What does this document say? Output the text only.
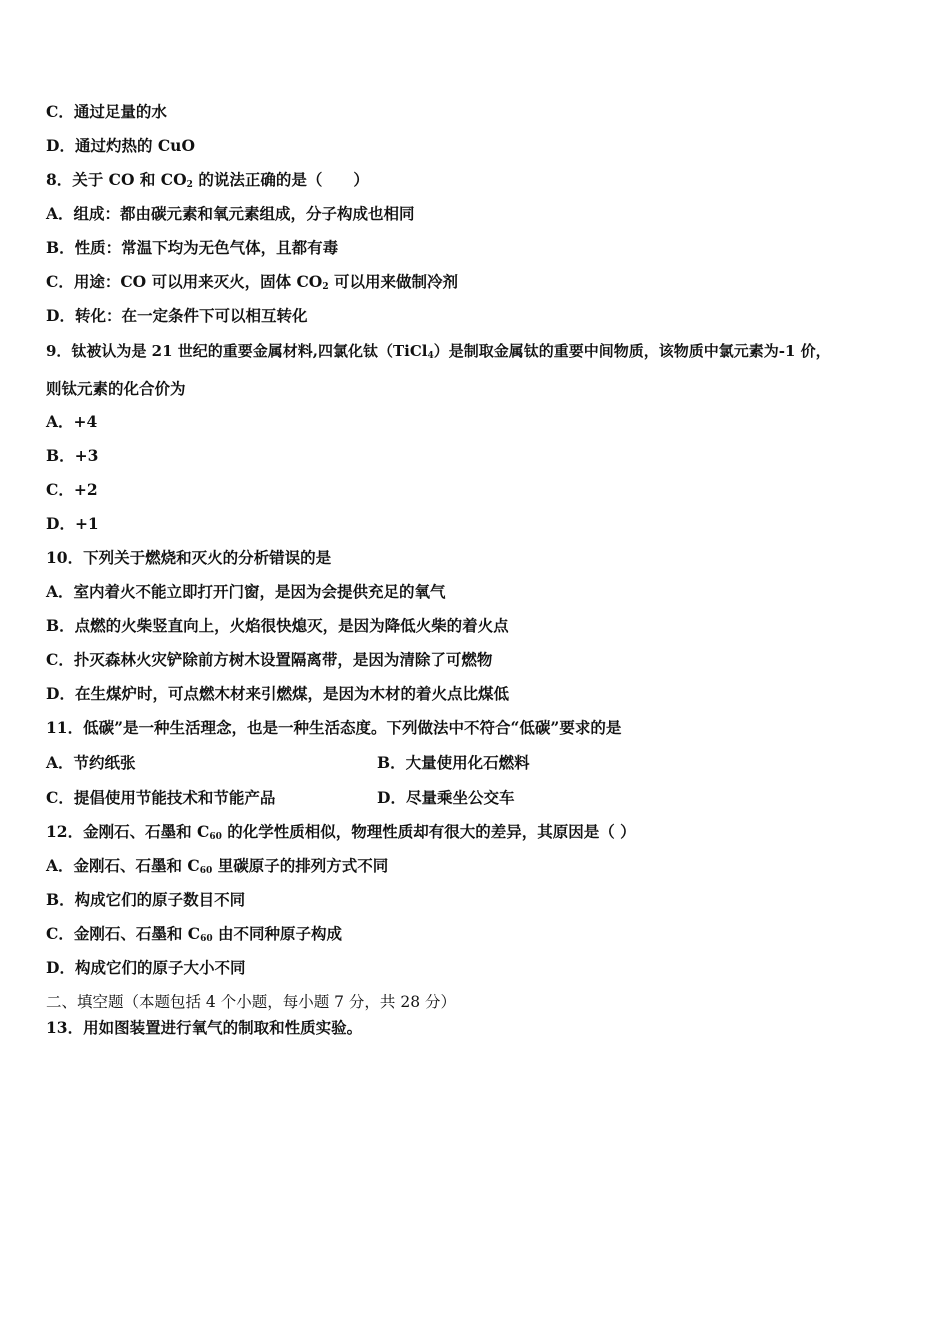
C．通过足量的水
D．通过灼热的 CuO
8．关于 CO 和 $CO_2$ 的说法正确的是（　　）
A．组成：都由碳元素和氧元素组成，分子构成也相同
B．性质：常温下均为无色气体，且都有毒
C．用途：CO 可以用来灭火，固体 $CO_2$ 可以用来做制冷剂
D．转化：在一定条件下可以相互转化
9．钛被认为是 21 世纪的重要金属材料,四氯化钛（TiCl$_4$）是制取金属钛的重要中间物质，该物质中氯元素为-1 价，
则钛元素的化合价为
A．+4
B．+3
C．+2
D．+1
10．下列关于燃烧和灭火的分析错误的是
A．室内着火不能立即打开门窗，是因为会提供充足的氧气
B．点燃的火柴竖直向上，火焰很快熄灭，是因为降低火柴的着火点
C．扑灭森林火灾铲除前方树木设置隔离带，是因为清除了可燃物
D．在生煤炉时，可点燃木材来引燃煤，是因为木材的着火点比煤低
11．低碳”是一种生活理念，也是一种生活态度。下列做法中不符合“低碳”要求的是
A．节约纸张	B．大量使用化石燃料
C．提倡使用节能技术和节能产品	D．尽量乘坐公交车
12．金刚石、石墨和 $C_{60}$ 的化学性质相似，物理性质却有很大的差异，其原因是（ ）
A．金刚石、石墨和 $C_{60}$ 里碳原子的排列方式不同
B．构成它们的原子数目不同
C．金刚石、石墨和 $C_{60}$ 由不同种原子构成
D．构成它们的原子大小不同
二、填空题（本题包括 4 个小题，每小题 7 分，共 28 分）
13．用如图装置进行氧气的制取和性质实验。
